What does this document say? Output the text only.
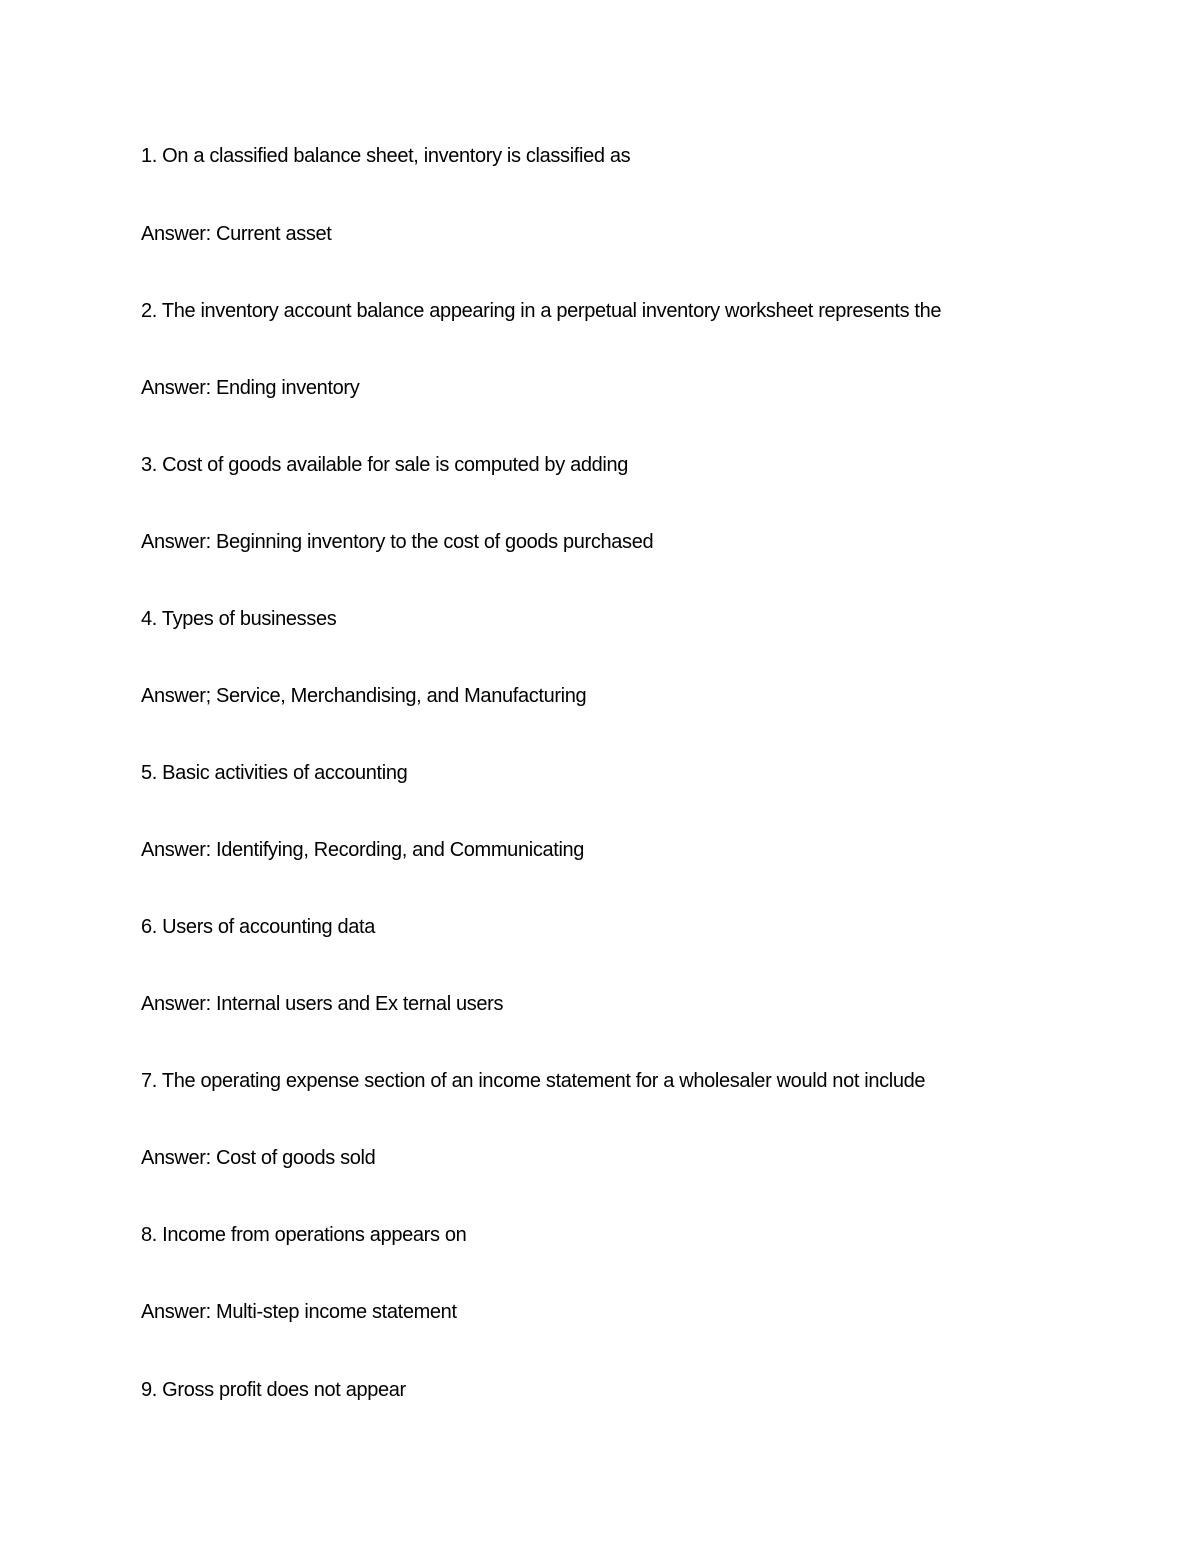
1. On a classified balance sheet, inventory is classified as
Answer: Current asset
2. The inventory account balance appearing in a perpetual inventory worksheet represents the
Answer: Ending inventory
3. Cost of goods available for sale is computed by adding
Answer: Beginning inventory to the cost of goods purchased
4. Types of businesses
Answer; Service, Merchandising, and Manufacturing
5. Basic activities of accounting
Answer: Identifying, Recording, and Communicating
6. Users of accounting data
Answer: Internal users and Ex ternal users
7. The operating expense section of an income statement for a wholesaler would not include
Answer: Cost of goods sold
8. Income from operations appears on
Answer: Multi-step income statement
9. Gross profit does not appear
